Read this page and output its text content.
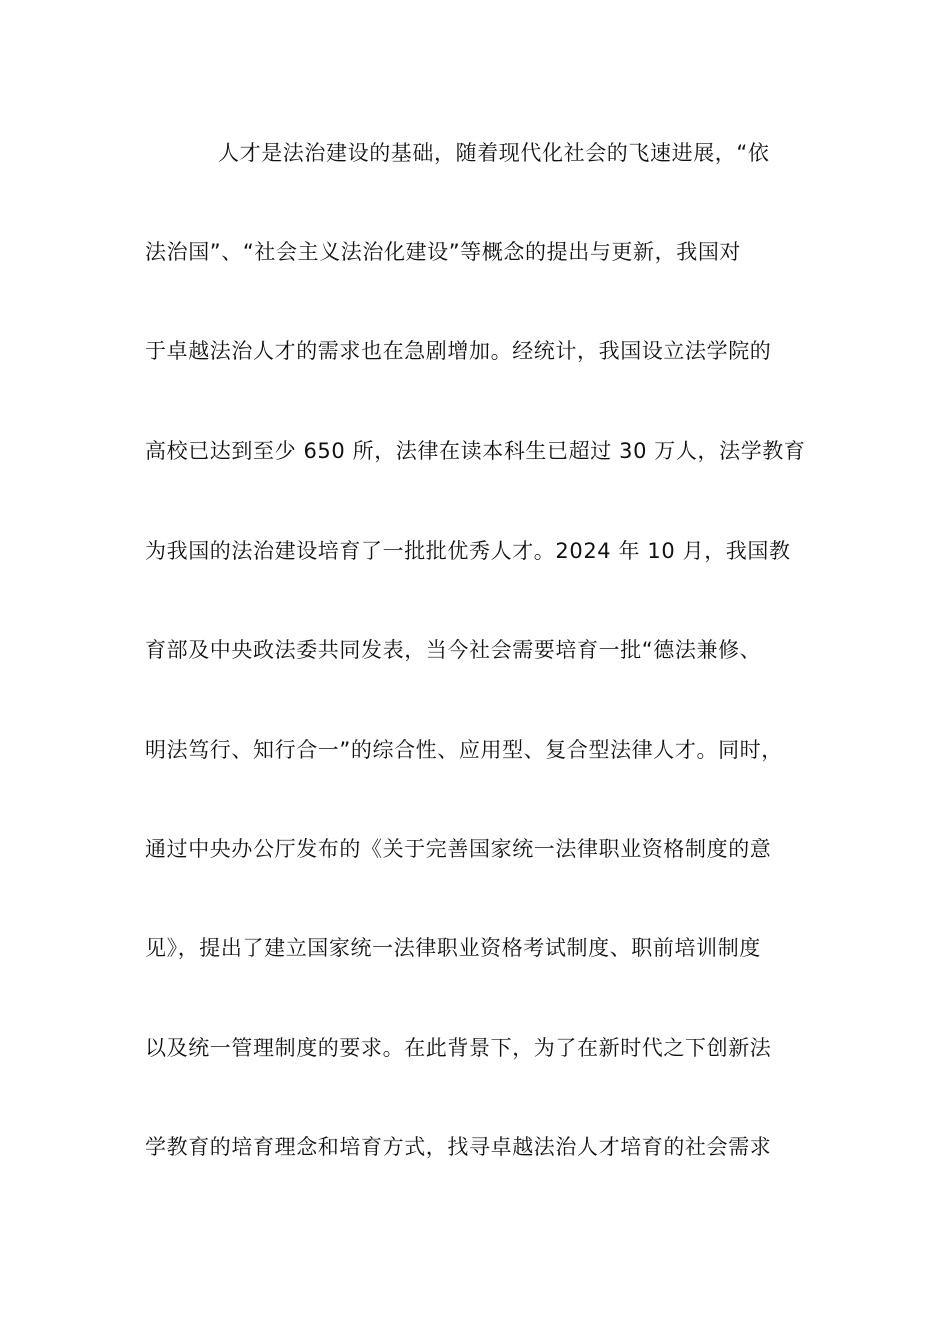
人才是法治建设的基础，随着现代化社会的飞速进展，“依
法治国”、“社会主义法治化建设”等概念的提出与更新，我国对
于卓越法治人才的需求也在急剧增加。经统计，我国设立法学院的
高校已达到至少 650 所，法律在读本科生已超过 30 万人，法学教育
为我国的法治建设培育了一批批优秀人才。2024 年 10 月，我国教
育部及中央政法委共同发表，当今社会需要培育一批“德法兼修、
明法笃行、知行合一”的综合性、应用型、复合型法律人才。同时，
通过中央办公厅发布的《关于完善国家统一法律职业资格制度的意
见》，提出了建立国家统一法律职业资格考试制度、职前培训制度
以及统一管理制度的要求。在此背景下，为了在新时代之下创新法
学教育的培育理念和培育方式，找寻卓越法治人才培育的社会需求
